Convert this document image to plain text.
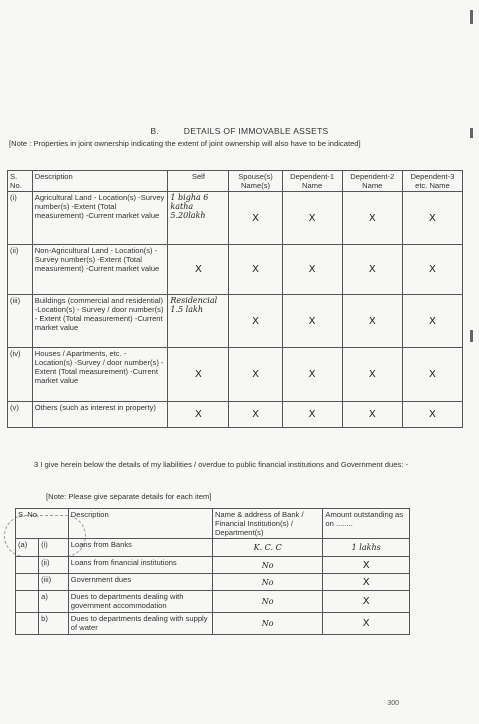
B.	DETAILS OF IMMOVABLE ASSETS
[Note : Properties in joint ownership indicating the extent of joint ownership will also have to be indicated]
S. No.	Description	Self	Spouse(s) Name(s)	Dependent-1 Name	Dependent-2 Name	Dependent-3 etc. Name
(i)	Agricultural Land - Location(s) -Survey number(s) -Extent (Total measurement) -Current market value	1 bigha 6 katha 5.20lakh	X	X	X	X
(ii)	Non-Agricultural Land - Location(s) -Survey number(s) -Extent (Total measurement) -Current market value	X	X	X	X	X
(iii)	Buildings (commercial and residential) -Location(s) - Survey / door number(s) - Extent (Total measurement) -Current market value	Residencial 1.5 lakh	X	X	X	X
(iv)	Houses / Apartments, etc. - Location(s) -Survey / door number(s) -Extent (Total measurement) -Current market value	X	X	X	X	X
(v)	Others (such as interest in property)	X	X	X	X	X
3 I give herein below the details of my liabilities / overdue to public financial institutions and Government dues: -
[Note: Please give separate details for each item]
S. No.		Description	Name & address of Bank / Financial Institution(s) / Department(s)	Amount outstanding as on ........
(a)	(i)	Loans from Banks	K. C. C	1 lakhs
	(ii)	Loans from financial institutions	No	X
	(iii)	Government dues	No	X
	a)	Dues to departments dealing with government accommodation	No	X
	b)	Dues to departments dealing with supply of water	No	X
300
